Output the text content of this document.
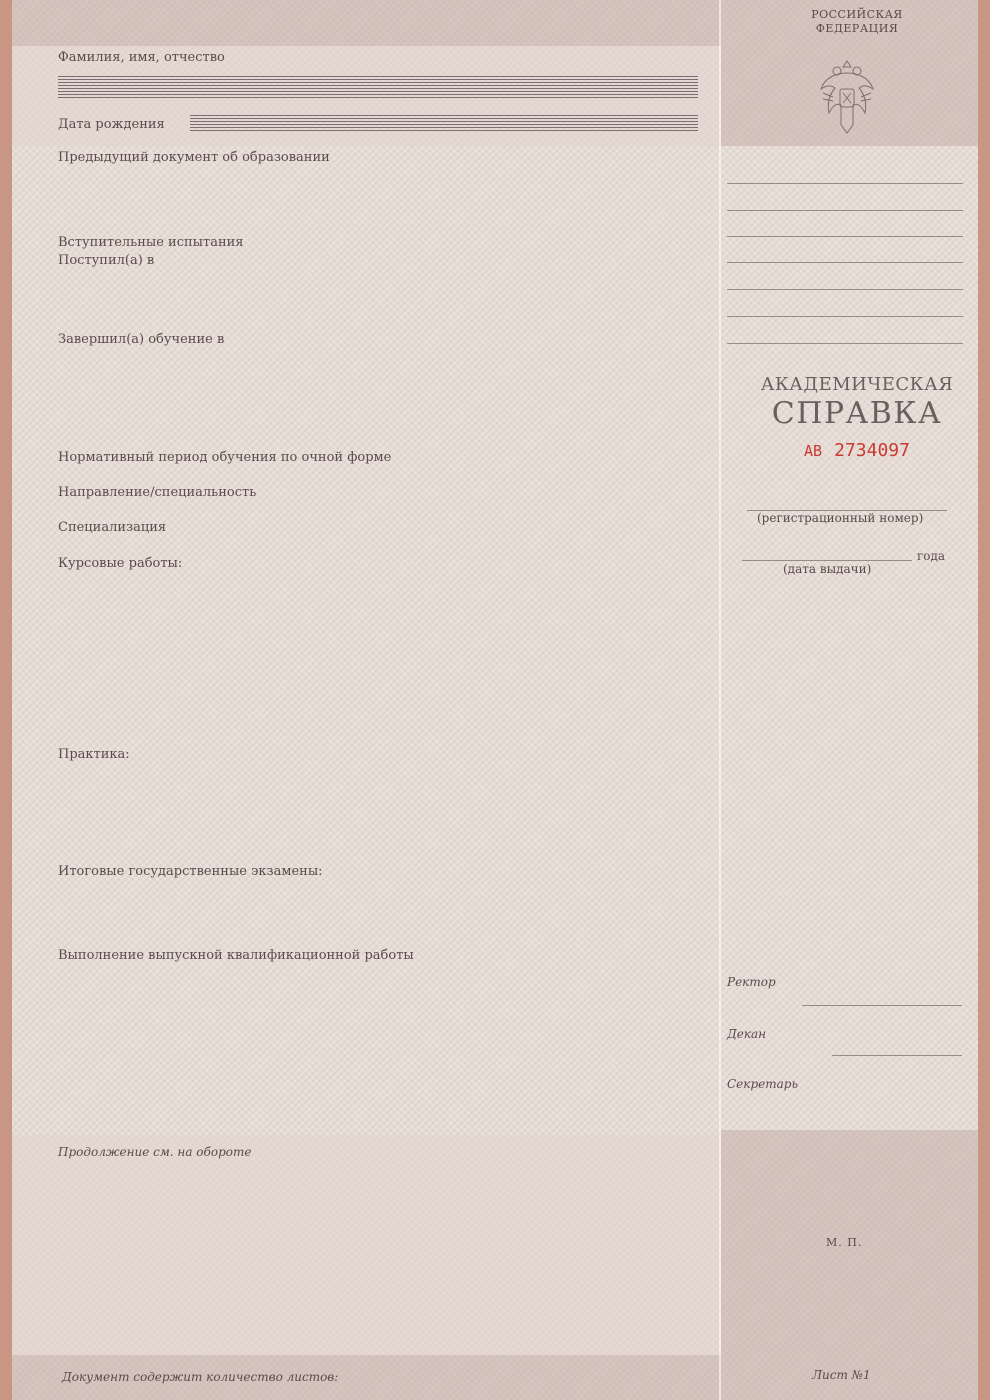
РОССИЙСКАЯ
ФЕДЕРАЦИЯ
Фамилия, имя, отчество
Дата рождения
Предыдущий документ об образовании
Вступительные испытания
Поступил(а) в
Завершил(а) обучение в
Нормативный период обучения по очной форме
Направление/специальность
Специализация
Курсовые работы:
Практика:
Итоговые государственные экзамены:
Выполнение выпускной квалификационной работы
Продолжение см. на обороте
Документ содержит количество листов:
АКАДЕМИЧЕСКАЯ
СПРАВКА
АВ 2734097
(регистрационный номер)
года
(дата выдачи)
Ректор
Декан
Секретарь
М. П.
Лист №1
